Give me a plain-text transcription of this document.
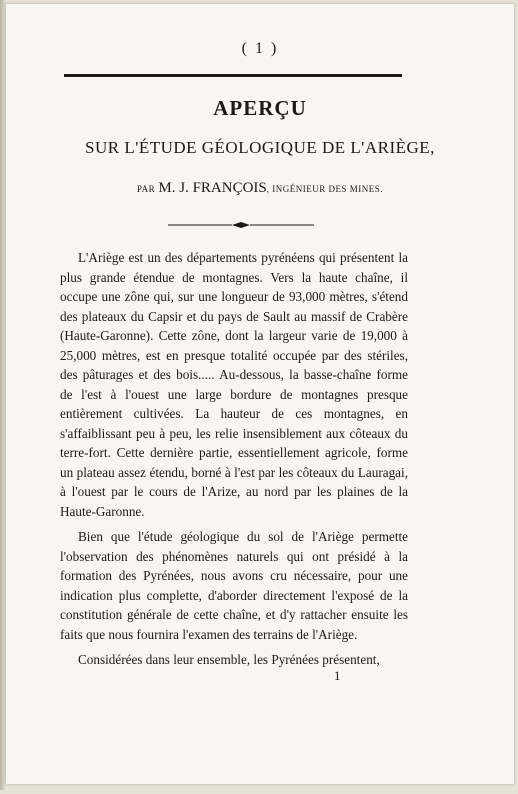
( 1 )
APERÇU
SUR L'ÉTUDE GÉOLOGIQUE DE L'ARIÈGE,
PAR M. J. FRANÇOIS, INGÉNIEUR DES MINES.

L'Ariège est un des départements pyrénéens qui présentent la plus grande étendue de montagnes. Vers la haute chaîne, il occupe une zône qui, sur une longueur de 93,000 mètres, s'étend des plateaux du Capsir et du pays de Sault au massif de Crabère (Haute-Garonne). Cette zône, dont la largeur varie de 19,000 à 25,000 mètres, est en presque totalité occupée par des stériles, des pâturages et des bois..... Au-dessous, la basse-chaîne forme de l'est à l'ouest une large bordure de montagnes presque entièrement cultivées. La hauteur de ces montagnes, en s'affaiblissant peu à peu, les relie insensiblement aux côteaux du terre-fort. Cette dernière partie, essentiellement agricole, forme un plateau assez étendu, borné à l'est par les côteaux du Lauragai, à l'ouest par le cours de l'Arize, au nord par les plaines de la Haute-Garonne.

Bien que l'étude géologique du sol de l'Ariège permette l'observation des phénomènes naturels qui ont présidé à la formation des Pyrénées, nous avons cru nécessaire, pour une indication plus complette, d'aborder directement l'exposé de la constitution générale de cette chaîne, et d'y rattacher ensuite les faits que nous fournira l'examen des terrains de l'Ariège.

Considérées dans leur ensemble, les Pyrénées présentent,

1
